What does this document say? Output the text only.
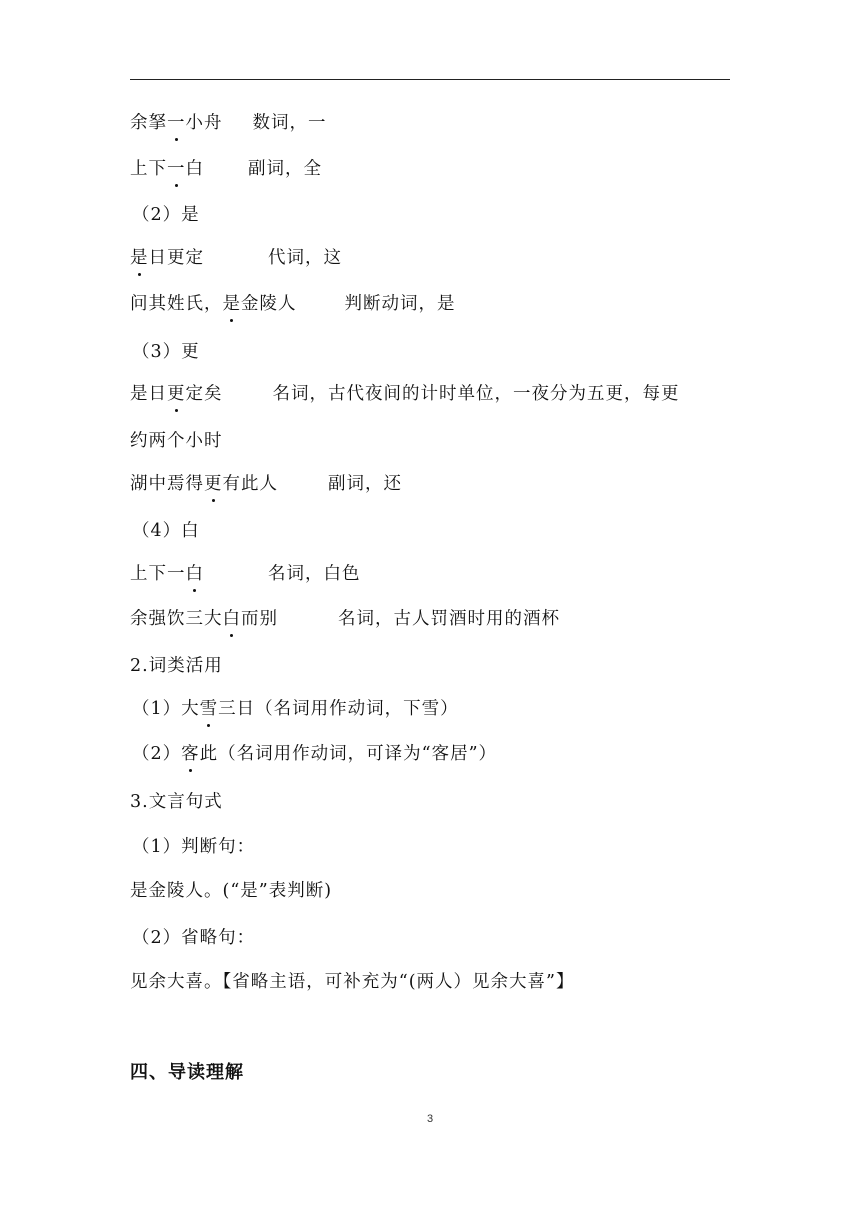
余拏一小舟 数词，一
上下一白	副词，全
（2）是
是日更定	代词，这
问其姓氏，是金陵人	判断动词，是
（3）更
是日更定矣	名词，古代夜间的计时单位，一夜分为五更，每更
约两个小时
湖中焉得更有此人	副词，还
（4）白
上下一白	名词，白色
余强饮三大白而别	名词，古人罚酒时用的酒杯
2.词类活用
（1）大雪三日（名词用作动词，下雪）
（2）客此（名词用作动词，可译为“客居”）
3.文言句式
（1）判断句：
是金陵人。(“是”表判断)
（2）省略句：
见余大喜。【省略主语，可补充为“(两人）见余大喜”】
四、导读理解
3
